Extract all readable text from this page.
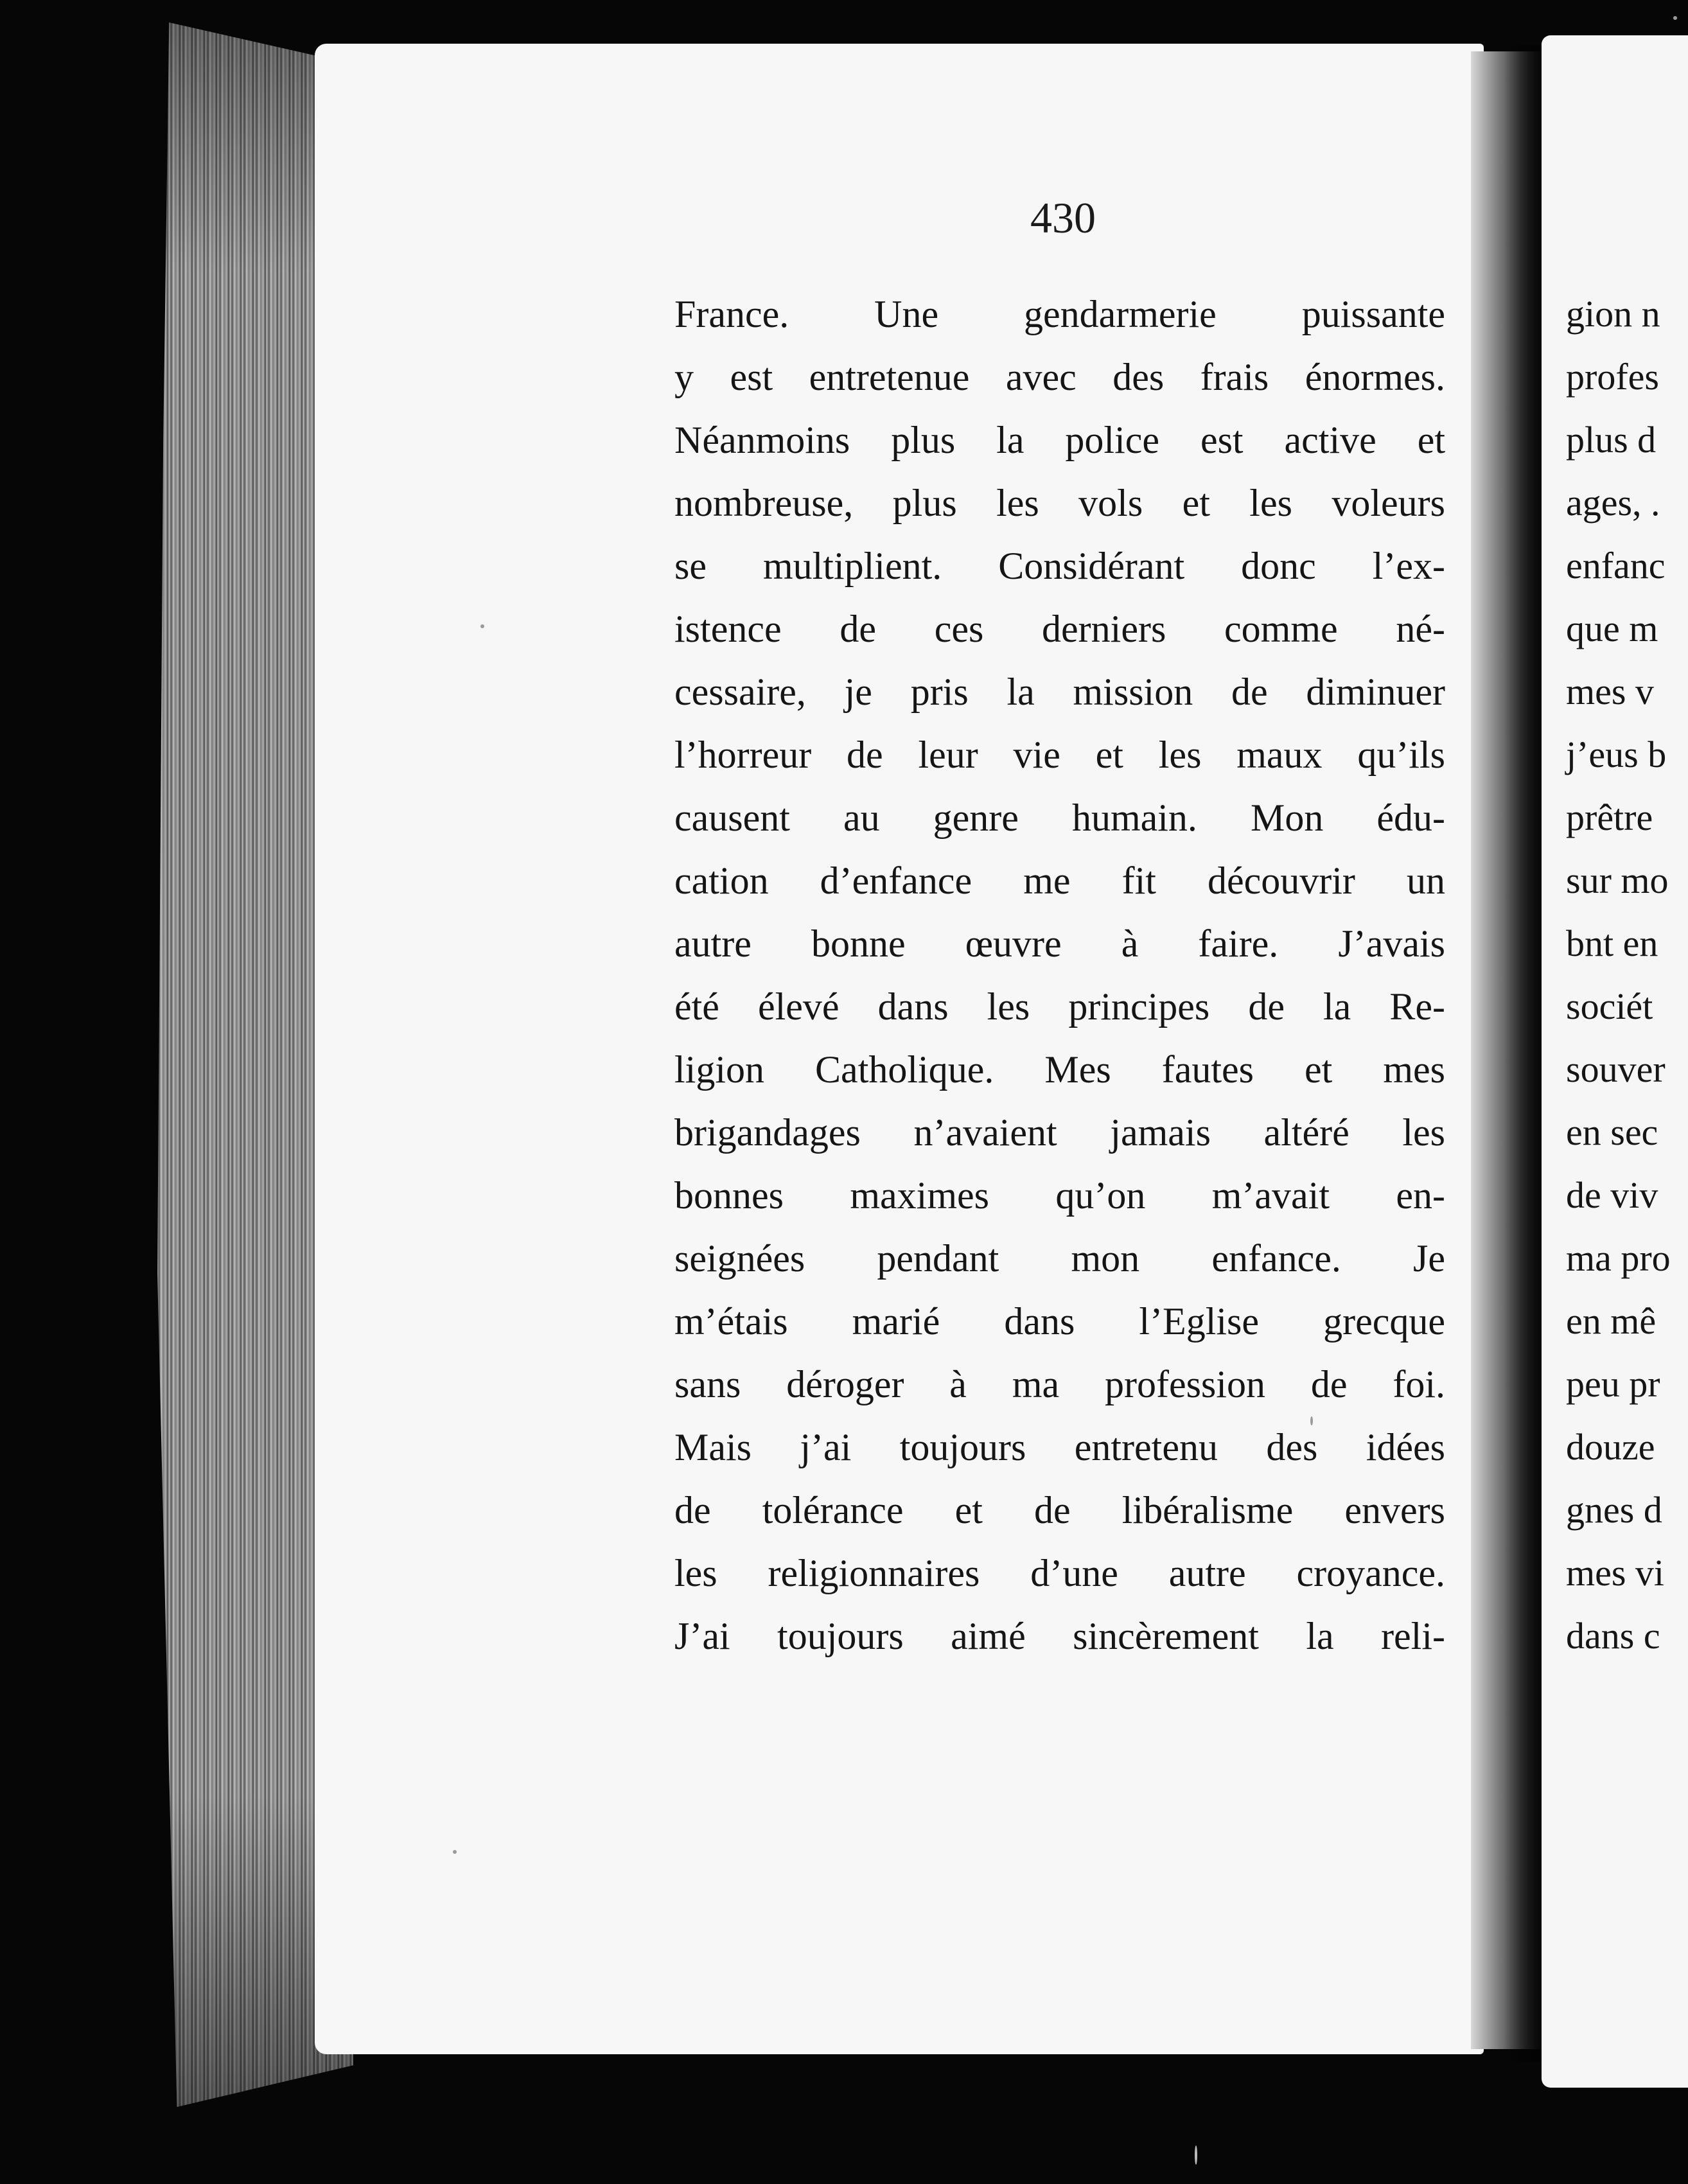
430
France. Une gendarmerie puissante
y est entretenue avec des frais énormes.
Néanmoins plus la police est active et
nombreuse, plus les vols et les voleurs
se multiplient. Considérant donc l’ex-
istence de ces derniers comme né-
cessaire, je pris la mission de diminuer
l’horreur de leur vie et les maux qu’ils
causent au genre humain. Mon édu-
cation d’enfance me fit découvrir un
autre bonne œuvre à faire. J’avais
été élevé dans les principes de la Re-
ligion Catholique. Mes fautes et mes
brigandages n’avaient jamais altéré les
bonnes maximes qu’on m’avait en-
seignées pendant mon enfance. Je
m’étais marié dans l’Eglise grecque
sans déroger à ma profession de foi.
Mais j’ai toujours entretenu des idées
de tolérance et de libéralisme envers
les religionnaires d’une autre croyance.
J’ai toujours aimé sincèrement la reli-
gion n
profes
plus d
ages, .
enfanc
que m
mes v
j’eus b
prêtre
sur mo
bnt en
sociét
souver
en sec
de viv
ma pro
en mê
peu pr
douze
gnes d
mes vi
dans c
